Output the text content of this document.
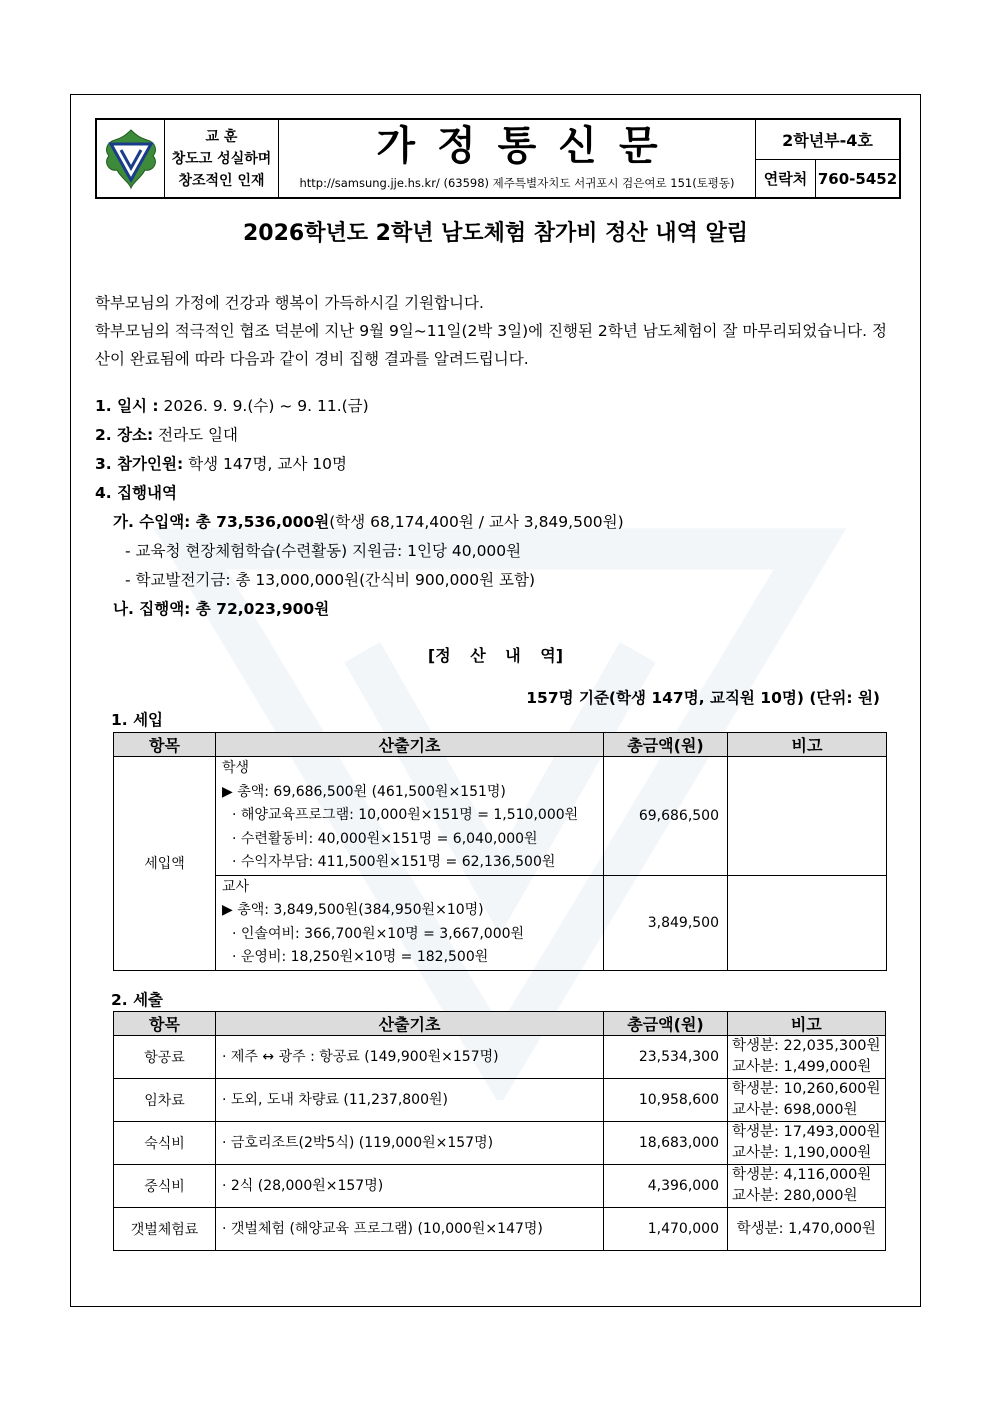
교 훈
창도고 성실하며
창조적인 인재
가정통신문
http://samsung.jje.hs.kr/ (63598) 제주특별자치도 서귀포시 검은여로 151(토평동)
2학년부-4호
연락처 760-5452
2026학년도 2학년 남도체험 참가비 정산 내역 알림

학부모님의 가정에 건강과 행복이 가득하시길 기원합니다.

학부모님의 적극적인 협조 덕분에 지난 9월 9일~11일(2박 3일)에 진행된 2학년 남도체험이 잘 마무리되었습니다. 정산이 완료됨에 따라 다음과 같이 경비 집행 결과를 알려드립니다.

1. 일시 : 2026. 9. 9.(수) ~ 9. 11.(금)
2. 장소: 전라도 일대
3. 참가인원: 학생 147명, 교사 10명
4. 집행내역
가. 수입액: 총 73,536,000원(학생 68,174,400원 / 교사 3,849,500원)
- 교육청 현장체험학습(수련활동) 지원금: 1인당 40,000원
- 학교발전기금: 총 13,000,000원(간식비 900,000원 포함)
나. 집행액: 총 72,023,900원
[정 산 내 역]
157명 기준(학생 147명, 교직원 10명) (단위: 원)
1. 세입
항목	산출기초	총금액(원)	비고
세입액	학생
▶ 총액: 69,686,500원 (461,500원×151명)
· 해양교육프로그램: 10,000원×151명 = 1,510,000원
· 수련활동비: 40,000원×151명 = 6,040,000원
· 수익자부담: 411,500원×151명 = 62,136,500원	69,686,500	

	교사
▶ 총액: 3,849,500원(384,950원×10명)
· 인솔여비: 366,700원×10명 = 3,667,000원
· 운영비: 18,250원×10명 = 182,500원	3,849,500	
2. 세출
항목	산출기초	총금액(원)	비고
항공료	· 제주 ↔ 광주 : 항공료 (149,900원×157명)	23,534,300	학생분: 22,035,300원
교사분: 1,499,000원

임차료	· 도외, 도내 차량료 (11,237,800원)	10,958,600	학생분: 10,260,600원
교사분: 698,000원

숙식비	· 금호리조트(2박5식) (119,000원×157명)	18,683,000	학생분: 17,493,000원
교사분: 1,190,000원

중식비	· 2식 (28,000원×157명)	4,396,000	학생분: 4,116,000원
교사분: 280,000원

갯벌체험료	· 갯벌체험 (해양교육 프로그램) (10,000원×147명)	1,470,000	학생분: 1,470,000원
